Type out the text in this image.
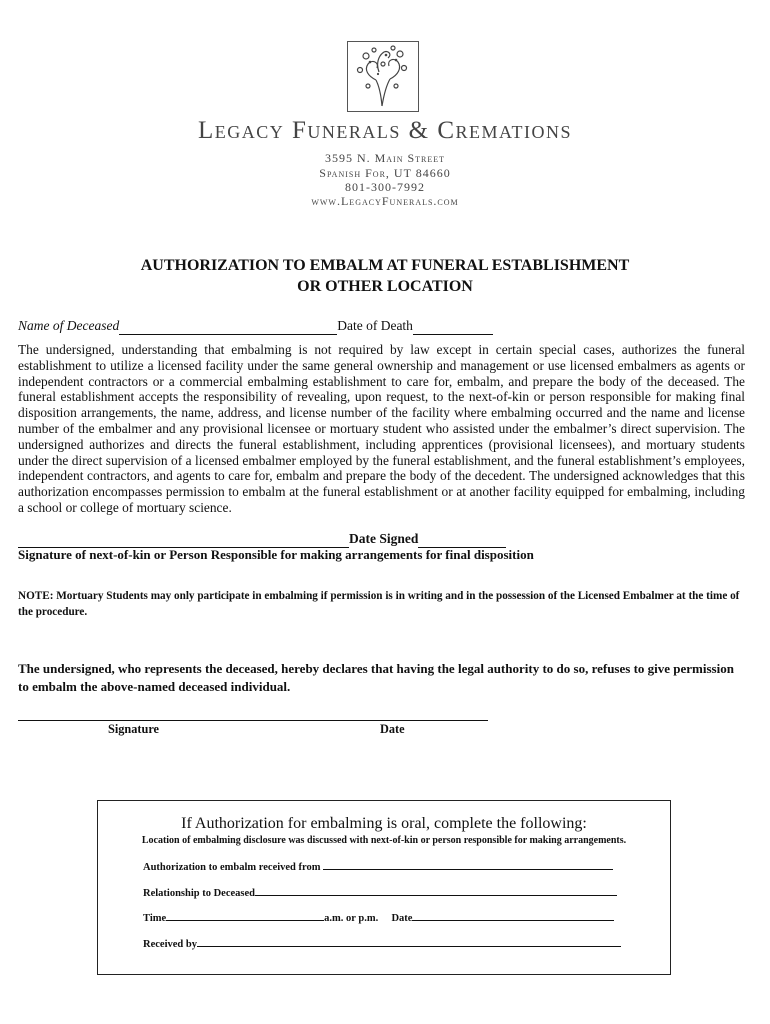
Legacy Funerals & Cremations
3595 N. Main Street
Spanish For, UT 84660
801-300-7992
www.LegacyFunerals.com
AUTHORIZATION TO EMBALM AT FUNERAL ESTABLISHMENT
OR OTHER LOCATION
Name of Deceased	Date of Death
The undersigned, understanding that embalming is not required by law except in certain special cases, authorizes the funeral establishment to utilize a licensed facility under the same general ownership and management or use licensed embalmers as agents or independent contractors or a commercial embalming establishment to care for, embalm, and prepare the body of the deceased. The funeral establishment accepts the responsibility of revealing, upon request, to the next-of-kin or person responsible for making final disposition arrangements, the name, address, and license number of the facility where embalming occurred and the name and license number of the embalmer and any provisional licensee or mortuary student who assisted under the embalmer’s direct supervision. The undersigned authorizes and directs the funeral establishment, including apprentices (provisional licensees), and mortuary students under the direct supervision of a licensed embalmer employed by the funeral establishment, and the funeral establishment’s employees, independent contractors, and agents to care for, embalm and prepare the body of the decedent. The undersigned acknowledges that this authorization encompasses permission to embalm at the funeral establishment or at another facility equipped for embalming, including a school or college of mortuary science.
Date Signed
Signature of next-of-kin or Person Responsible for making arrangements for final disposition
NOTE: Mortuary Students may only participate in embalming if permission is in writing and in the possession of the Licensed Embalmer at the time of the procedure.
The undersigned, who represents the deceased, hereby declares that having the legal authority to do so, refuses to give permission to embalm the above-named deceased individual.
Signature	Date
If Authorization for embalming is oral, complete the following:
Location of embalming disclosure was discussed with next-of-kin or person responsible for making arrangements.
Authorization to embalm received from
Relationship to Deceased
Time	a.m. or p.m. Date
Received by
